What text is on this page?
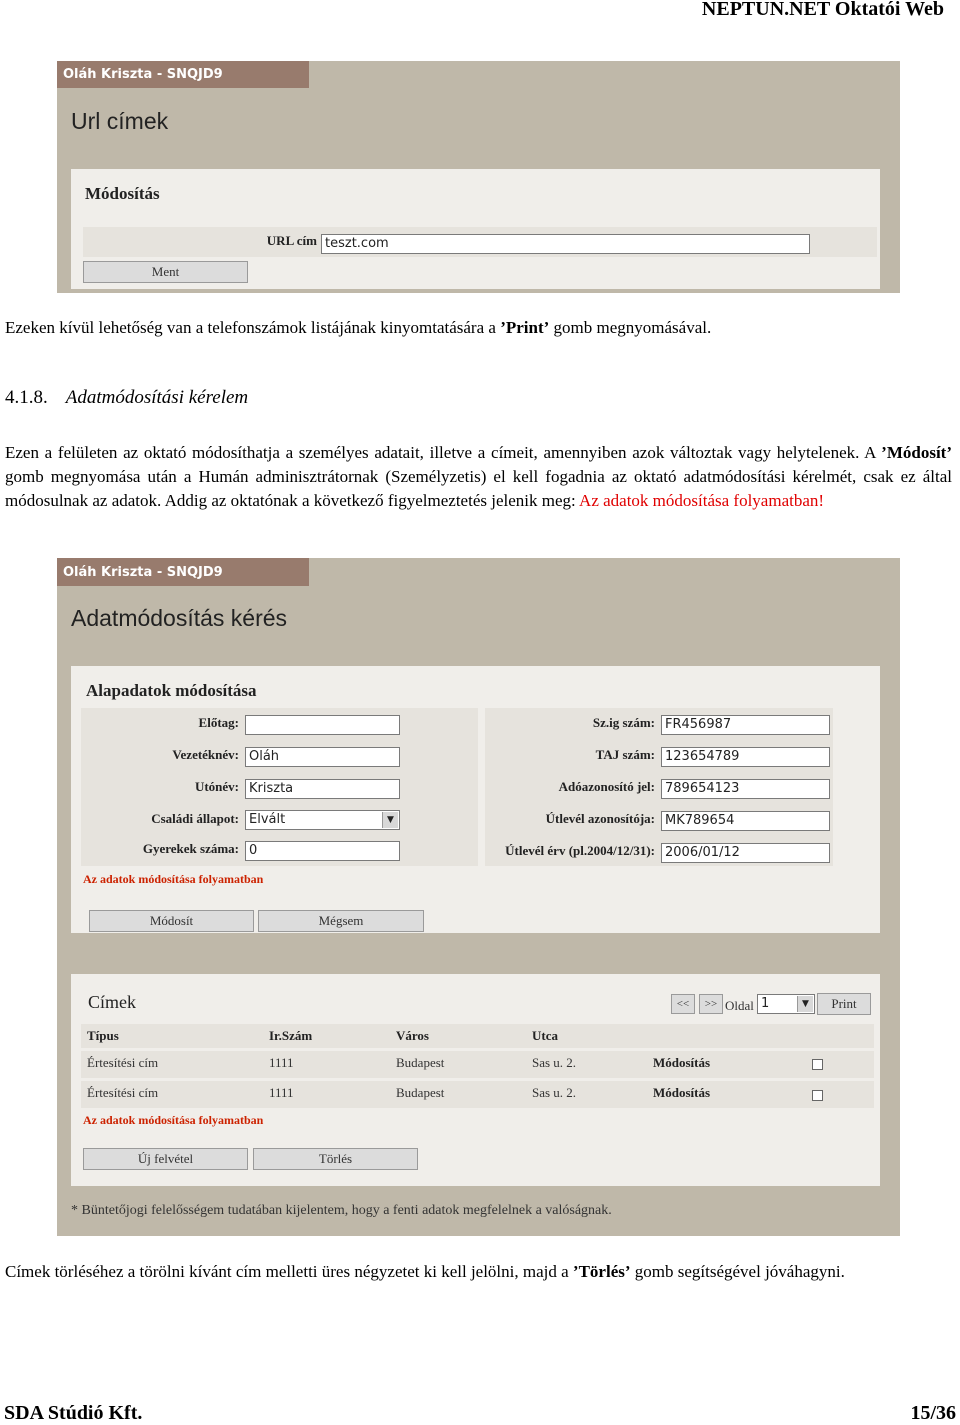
NEPTUN.NET Oktatói Web
Oláh Kriszta - SNQJD9
Url címek
Módosítás
URL cím teszt.com
Ment
Ezeken kívül lehetőség van a telefonszámok listájának kinyomtatására a ’Print’ gomb megnyomásával.
4.1.8. Adatmódosítási kérelem
Ezen a felületen az oktató módosíthatja a személyes adatait, illetve a címeit, amennyiben azok változtak vagy helytelenek. A ’Módosít’ gomb megnyomása után a Humán adminisztrátornak (Személyzetis) el kell fogadnia az oktató adatmódosítási kérelmét, csak ez által módosulnak az adatok. Addig az oktatónak a következő figyelmeztetés jelenik meg: Az adatok módosítása folyamatban!
Oláh Kriszta - SNQJD9
Adatmódosítás kérés
Alapadatok módosítása
Előtag:
Vezetéknév: Oláh
Utónév: Kriszta
Családi állapot: Elvált	▼
Gyerekek száma: 0
Sz.ig szám: FR456987
TAJ szám: 123654789
Adóazonosító jel: 789654123
Útlevél azonosítója: MK789654
Útlevél érv (pl.2004/12/31): 2006/01/12
Az adatok módosítása folyamatban
Módosít	Mégsem
Címek	<<	>> Oldal 1	▼	Print
Típus	Ir.Szám	Város	Utca
Értesítési cím	1111	Budapest	Sas u. 2.	Módosítás
Értesítési cím	1111	Budapest	Sas u. 2.	Módosítás
Az adatok módosítása folyamatban
Új felvétel	Törlés
* Büntetőjogi felelősségem tudatában kijelentem, hogy a fenti adatok megfelelnek a valóságnak.
Címek törléséhez a törölni kívánt cím melletti üres négyzetet ki kell jelölni, majd a ’Törlés’ gomb segítségével jóváhagyni.
SDA Stúdió Kft.	15/36
